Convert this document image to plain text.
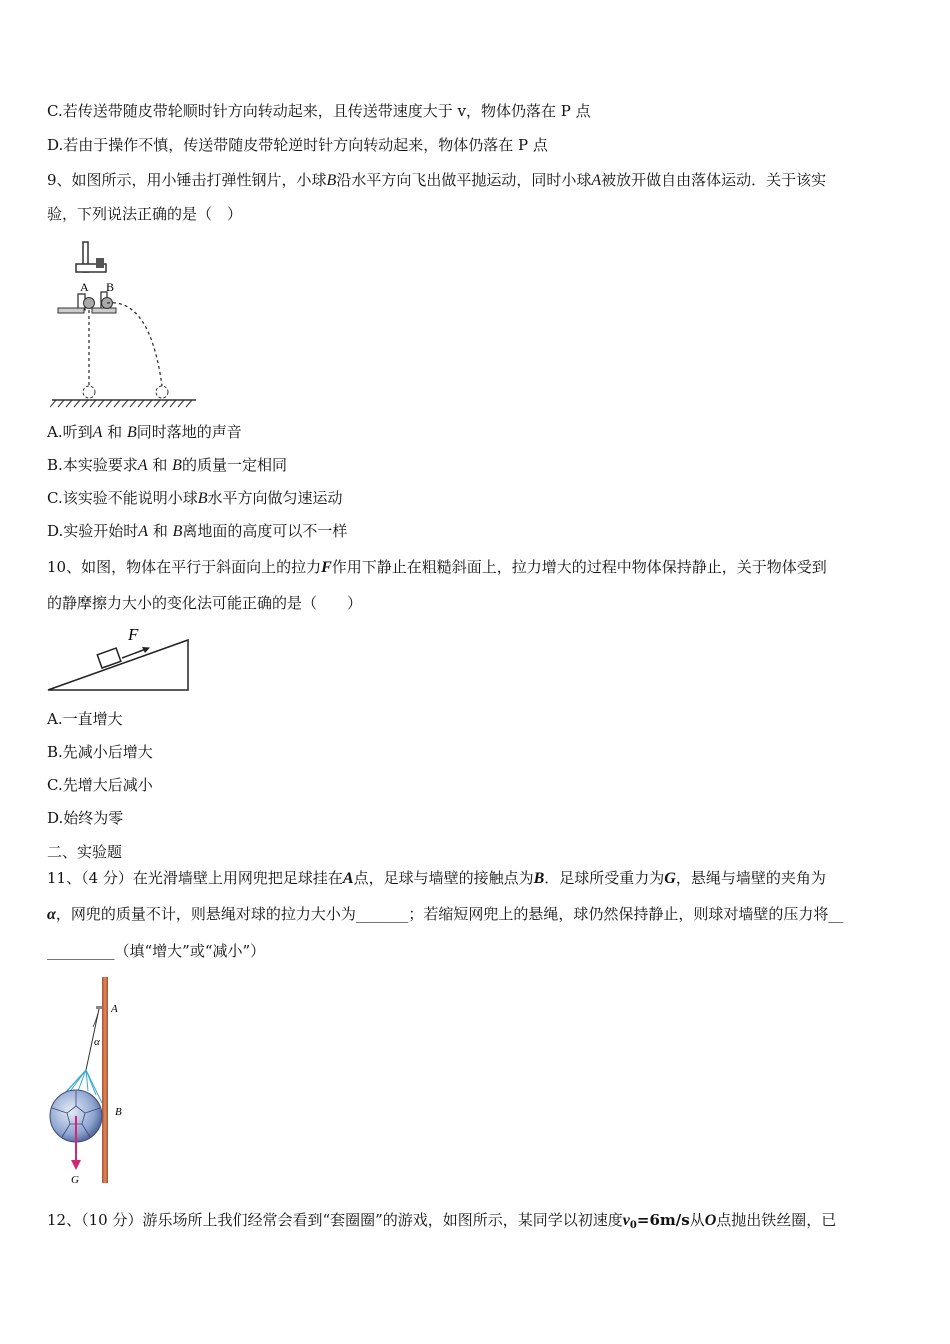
C.若传送带随皮带轮顺时针方向转动起来，且传送带速度大于 v，物体仍落在 P 点
D.若由于操作不慎，传送带随皮带轮逆时针方向转动起来，物体仍落在 P 点
9、如图所示，用小锤击打弹性钢片，小球B沿水平方向飞出做平抛运动，同时小球A被放开做自由落体运动．关于该实
验，下列说法正确的是（　）
A B
A.听到A 和 B同时落地的声音
B.本实验要求A 和 B的质量一定相同
C.该实验不能说明小球B水平方向做匀速运动
D.实验开始时A 和 B离地面的高度可以不一样
10、如图，物体在平行于斜面向上的拉力F作用下静止在粗糙斜面上，拉力增大的过程中物体保持静止，关于物体受到
的静摩擦力大小的变化法可能正确的是（　　）
F
A.一直增大
B.先减小后增大
C.先增大后减小
D.始终为零
二、实验题
11、（4 分）在光滑墙壁上用网兜把足球挂在A点，足球与墙壁的接触点为B．足球所受重力为G，悬绳与墙壁的夹角为
α，网兜的质量不计，则悬绳对球的拉力大小为_______；若缩短网兜上的悬绳，球仍然保持静止，则球对墙壁的压力将__
_________（填“增大”或“减小”）
A
α
B
G
12、（10 分）游乐场所上我们经常会看到“套圈圈”的游戏，如图所示，某同学以初速度$v_0=6m/s$从O点抛出铁丝圈，已
